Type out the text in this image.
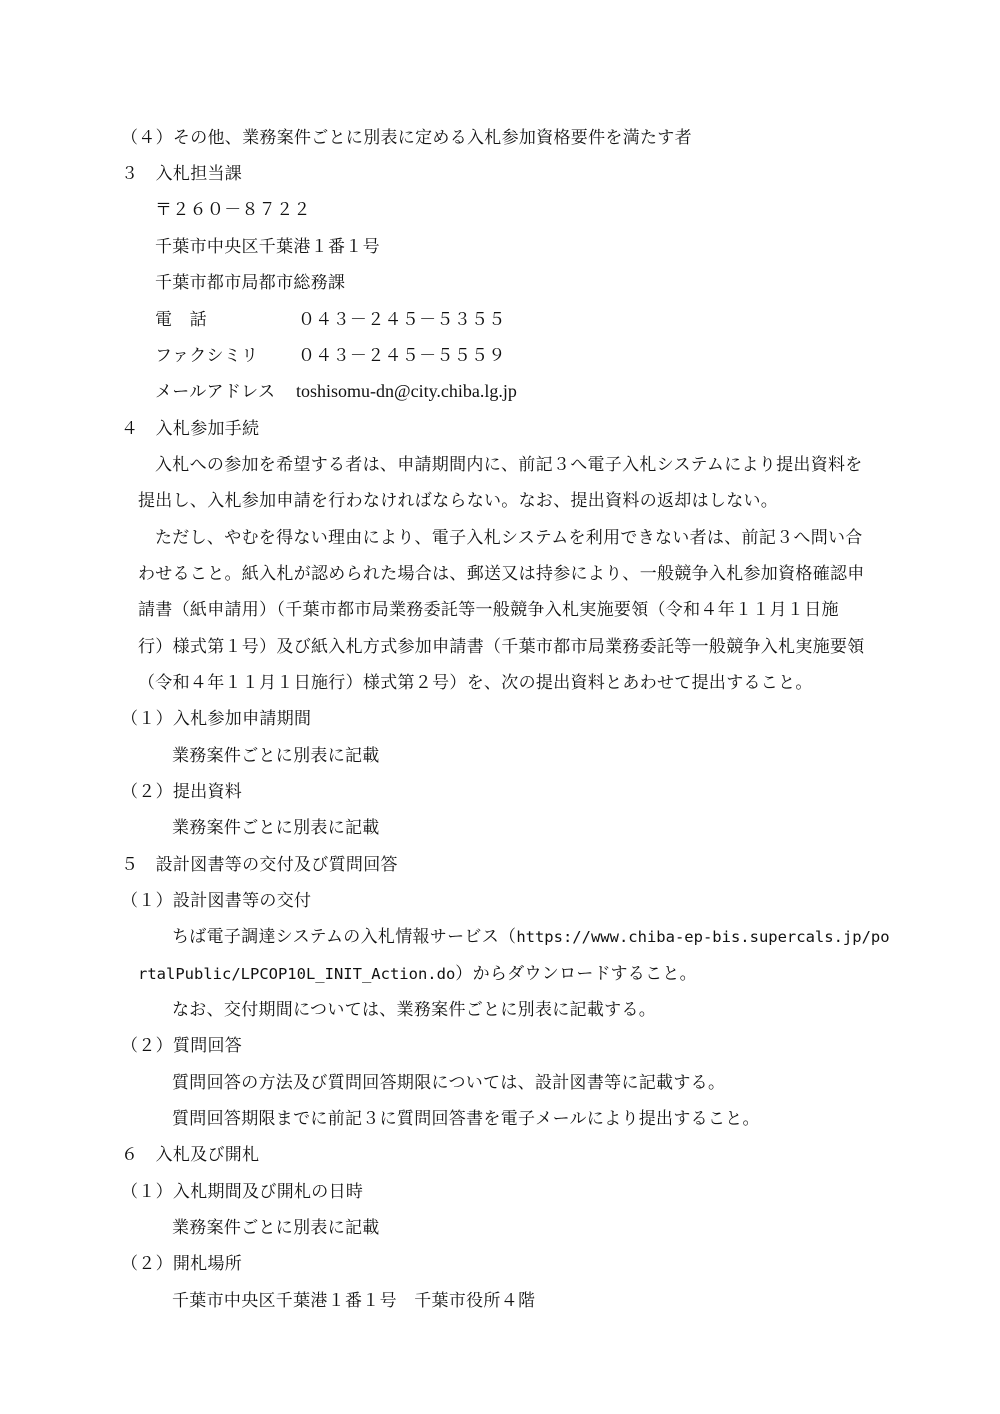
（４）その他、業務案件ごとに別表に定める入札参加資格要件を満たす者
３　入札担当課
〒２６０－８７２２
千葉市中央区千葉港１番１号
千葉市都市局都市総務課
電　話	０４３－２４５－５３５５
ファクシミリ ０４３－２４５－５５５９
メールアドレス toshisomu-dn@city.chiba.lg.jp
４　入札参加手続
入札への参加を希望する者は、申請期間内に、前記３へ電子入札システムにより提出資料を
提出し、入札参加申請を行わなければならない。なお、提出資料の返却はしない。
ただし、やむを得ない理由により、電子入札システムを利用できない者は、前記３へ問い合
わせること。紙入札が認められた場合は、郵送又は持参により、一般競争入札参加資格確認申
請書（紙申請用）（千葉市都市局業務委託等一般競争入札実施要領（令和４年１１月１日施
行）様式第１号）及び紙入札方式参加申請書（千葉市都市局業務委託等一般競争入札実施要領
（令和４年１１月１日施行）様式第２号）を、次の提出資料とあわせて提出すること。
（１）入札参加申請期間
業務案件ごとに別表に記載
（２）提出資料
業務案件ごとに別表に記載
５　設計図書等の交付及び質問回答
（１）設計図書等の交付
ちば電子調達システムの入札情報サービス（https://www.chiba-ep-bis.supercals.jp/po
rtalPublic/LPCOP10L_INIT_Action.do）からダウンロードすること。
なお、交付期間については、業務案件ごとに別表に記載する。
（２）質問回答
質問回答の方法及び質問回答期限については、設計図書等に記載する。
質問回答期限までに前記３に質問回答書を電子メールにより提出すること。
６　入札及び開札
（１）入札期間及び開札の日時
業務案件ごとに別表に記載
（２）開札場所
千葉市中央区千葉港１番１号　千葉市役所４階
